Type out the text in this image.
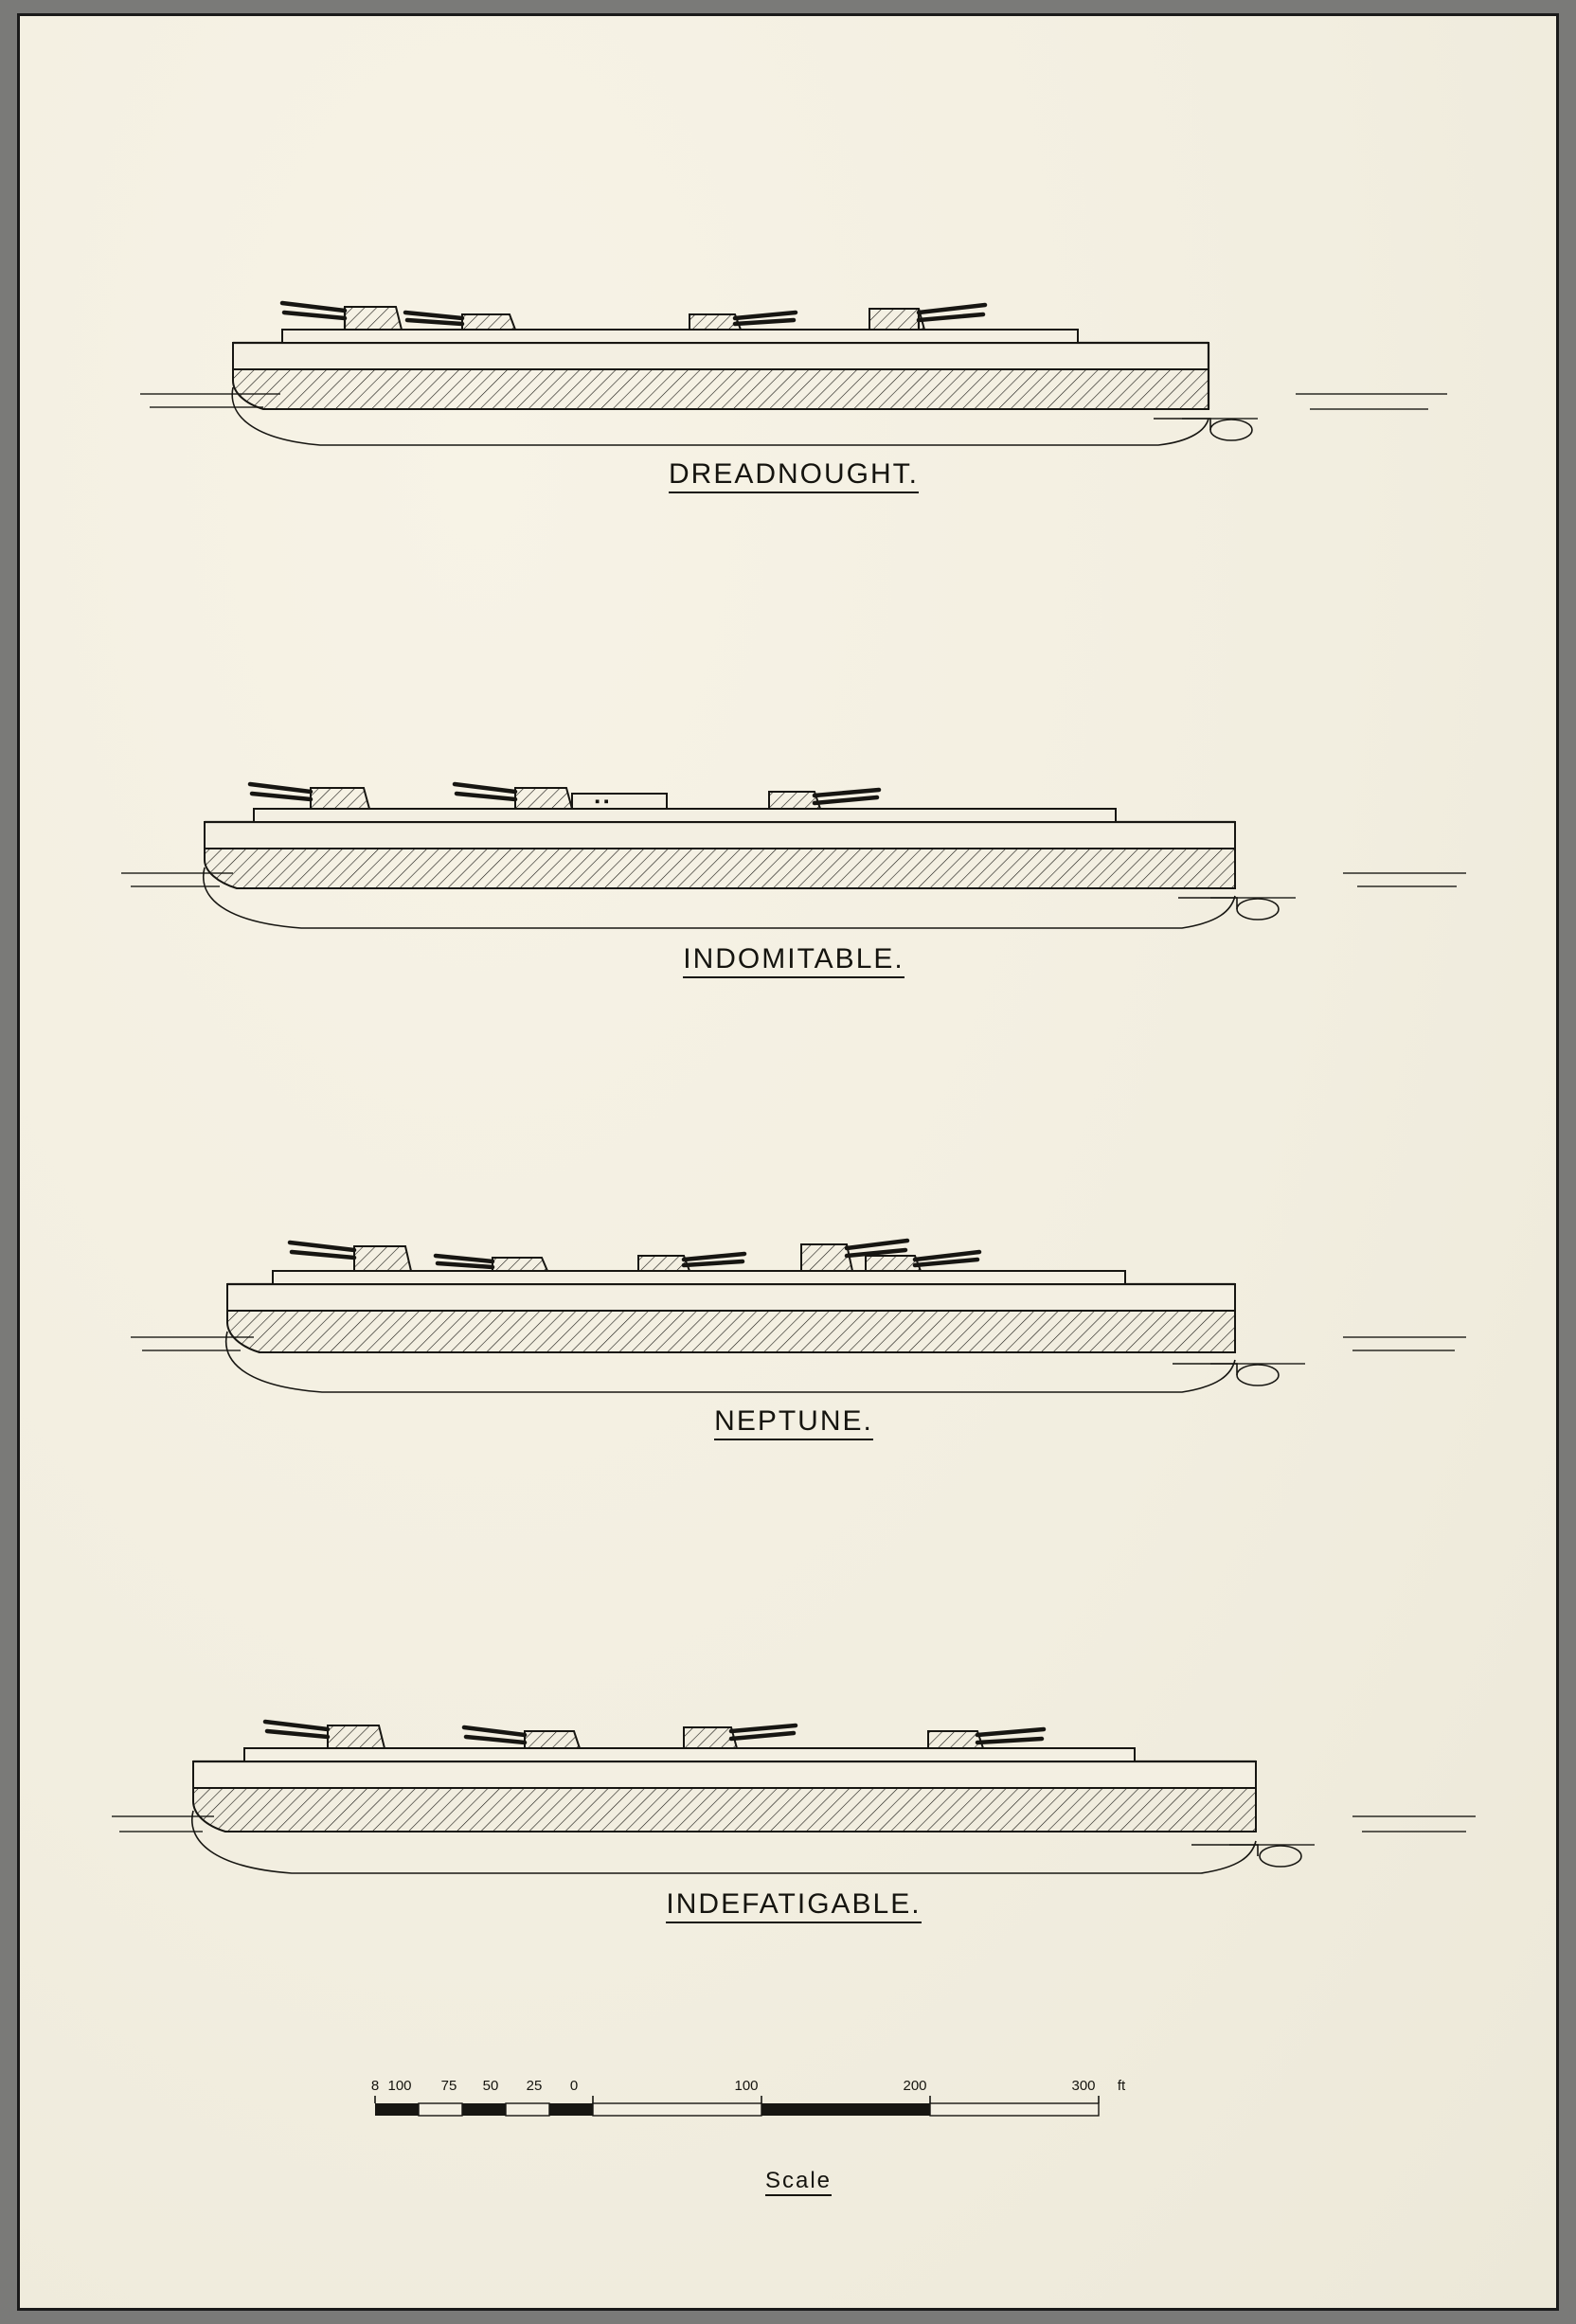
DREADNOUGHT.
▪ ▪
INDOMITABLE.
NEPTUNE.
INDEFATIGABLE.
8 100 75 50 25 0	100	200	300 ft
Scale
